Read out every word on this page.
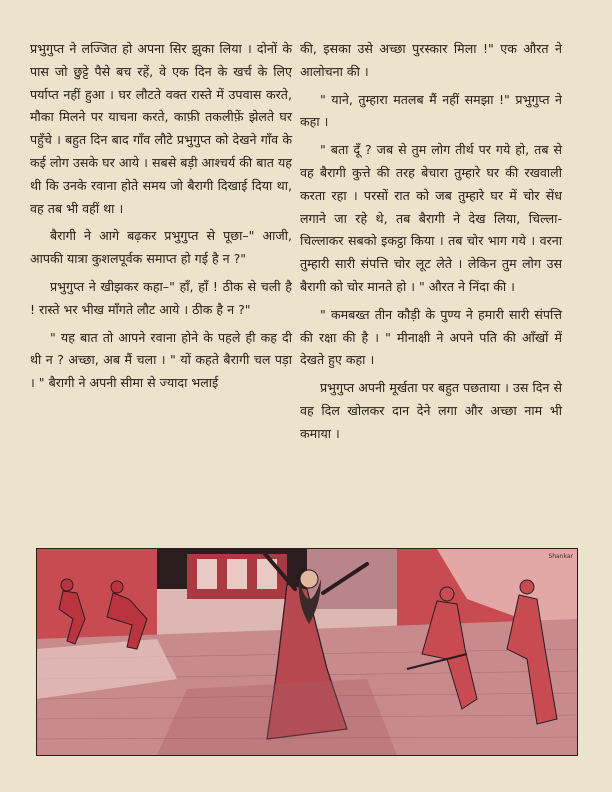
प्रभुगुप्त ने लज्जित हो अपना सिर झुका लिया । दोनों के पास जो छुट्टे पैसे बच रहें, वे एक दिन के खर्च के लिए पर्याप्त नहीं हुआ । घर लौटते वक्त रास्ते में उपवास करते, मौका मिलने पर याचना करते, काफ़ी तकलीफ़ें झेलते घर पहुँचे । बहुत दिन बाद गाँव लौटे प्रभुगुप्त को देखने गाँव के कई लोग उसके घर आये । सबसे बड़ी आश्चर्य की बात यह थी कि उनके रवाना होते समय जो बैरागी दिखाई दिया था, वह तब भी वहीं था ।

बैरागी ने आगे बढ़कर प्रभुगुप्त से पूछा–" आजी, आपकी यात्रा कुशलपूर्वक समाप्त हो गई है न ?"

प्रभुगुप्त ने खीझकर कहा–" हाँ, हाँ ! ठीक से चली है ! रास्ते भर भीख माँगते लौट आये । ठीक है न ?"

" यह बात तो आपने रवाना होने के पहले ही कह दी थी न ? अच्छा, अब मैं चला । " यों कहते बैरागी चल पड़ा । " बैरागी ने अपनी सीमा से ज्यादा भलाई

की, इसका उसे अच्छा पुरस्कार मिला !" एक औरत ने आलोचना की ।

" याने, तुम्हारा मतलब मैं नहीं समझा !" प्रभुगुप्त ने कहा ।

" बता दूँ ? जब से तुम लोग तीर्थ पर गये हो, तब से वह बैरागी कुत्ते की तरह बेचारा तुम्हारे घर की रखवाली करता रहा । परसों रात को जब तुम्हारे घर में चोर सेंध लगाने जा रहे थे, तब बैरागी ने देख लिया, चिल्ला-चिल्लाकर सबको इकट्ठा किया । तब चोर भाग गये । वरना तुम्हारी सारी संपत्ति चोर लूट लेते । लेकिन तुम लोग उस बैरागी को चोर मानते हो । " औरत ने निंदा की ।

" कमबख्त तीन कौड़ी के पुण्य ने हमारी सारी संपत्ति की रक्षा की है । " मीनाक्षी ने अपने पति की आँखों में देखते हुए कहा ।

प्रभुगुप्त अपनी मूर्खता पर बहुत पछताया । उस दिन से वह दिल खोलकर दान देने लगा और अच्छा नाम भी कमाया ।

Shankar
